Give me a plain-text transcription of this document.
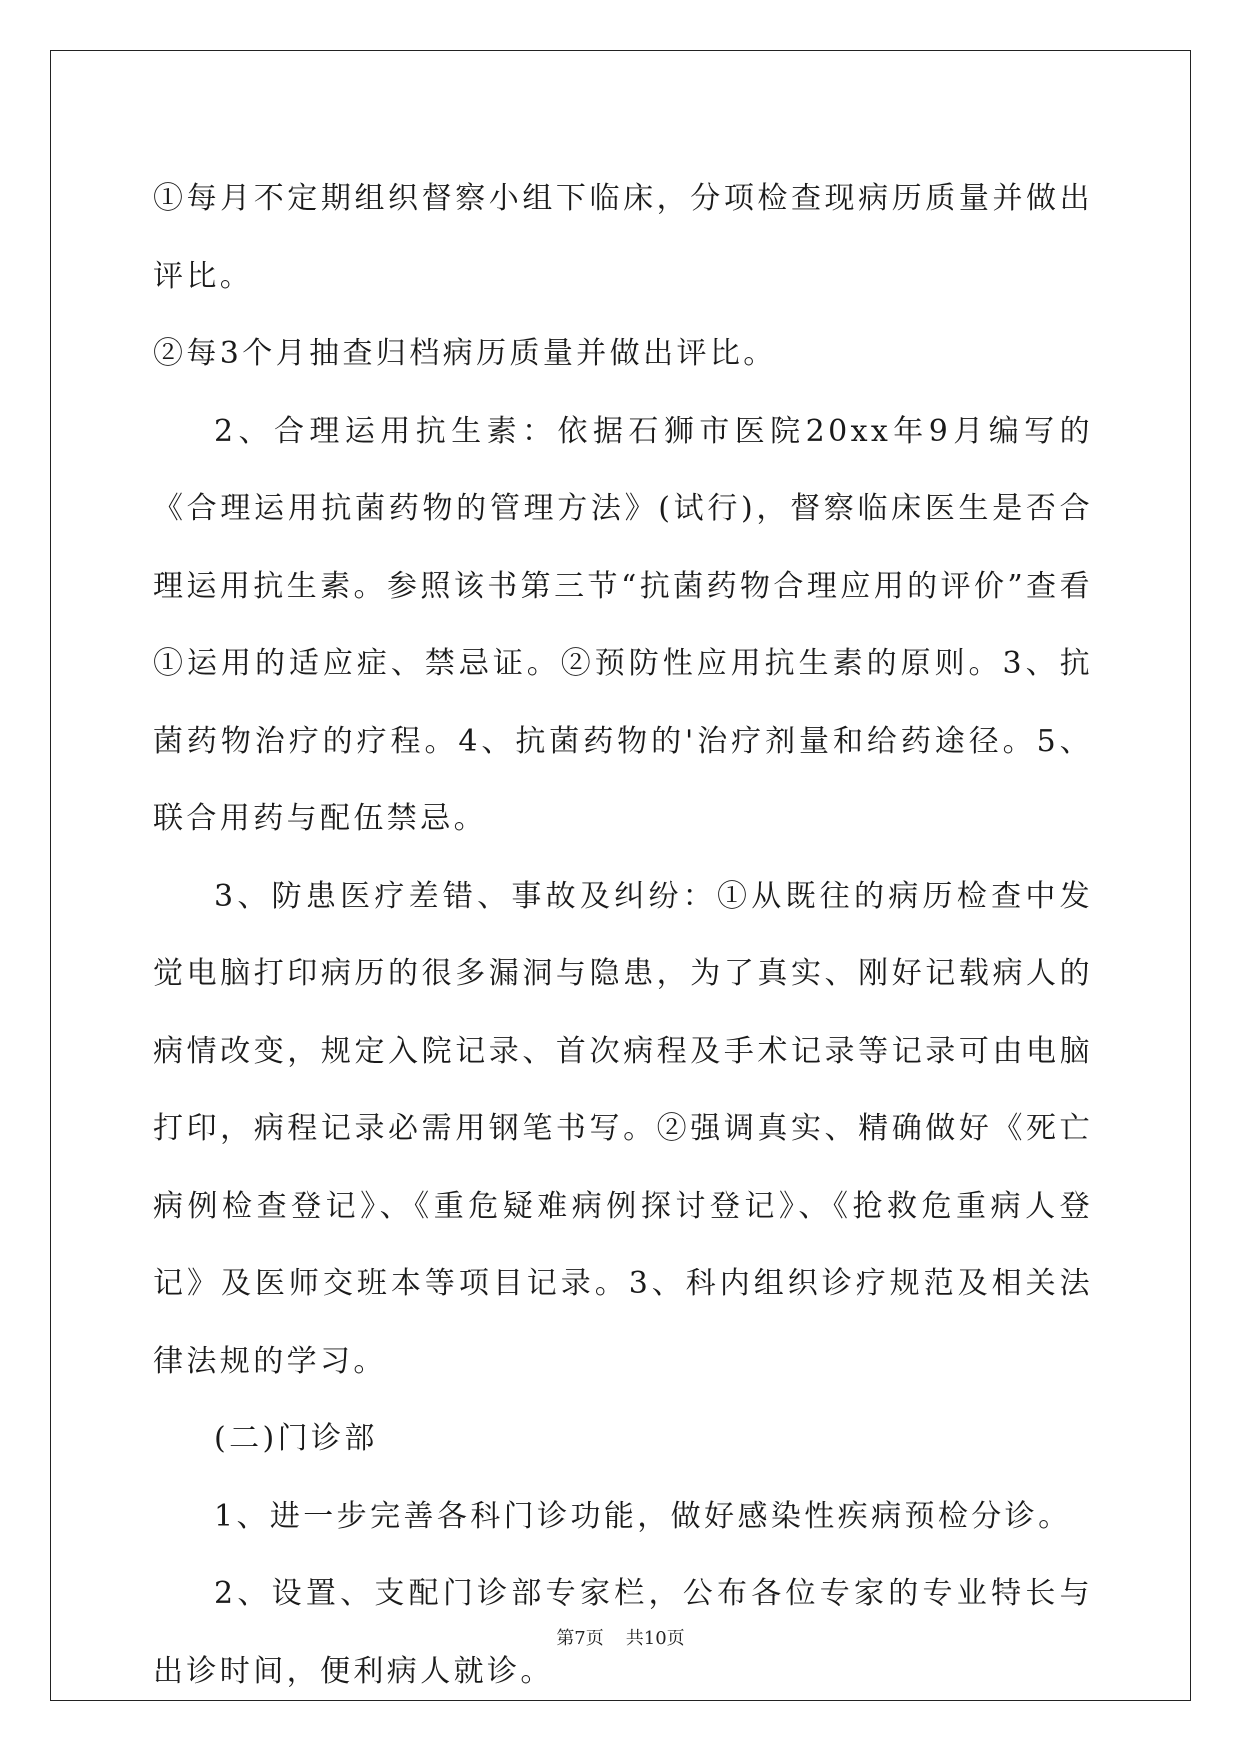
①每月不定期组织督察小组下临床，分项检查现病历质量并做出评比。

②每3个月抽查归档病历质量并做出评比。

2、合理运用抗生素：依据石狮市医院20xx年9月编写的《合理运用抗菌药物的管理方法》(试行)，督察临床医生是否合理运用抗生素。参照该书第三节“抗菌药物合理应用的评价”查看①运用的适应症、禁忌证。②预防性应用抗生素的原则。3、抗菌药物治疗的疗程。4、抗菌药物的'治疗剂量和给药途径。5、联合用药与配伍禁忌。

3、防患医疗差错、事故及纠纷：①从既往的病历检查中发觉电脑打印病历的很多漏洞与隐患，为了真实、刚好记载病人的病情改变，规定入院记录、首次病程及手术记录等记录可由电脑打印，病程记录必需用钢笔书写。②强调真实、精确做好《死亡病例检查登记》、《重危疑难病例探讨登记》、《抢救危重病人登记》及医师交班本等项目记录。3、科内组织诊疗规范及相关法律法规的学习。

(二)门诊部

1、进一步完善各科门诊功能，做好感染性疾病预检分诊。

2、设置、支配门诊部专家栏，公布各位专家的专业特长与出诊时间，便利病人就诊。

第7页 共10页
